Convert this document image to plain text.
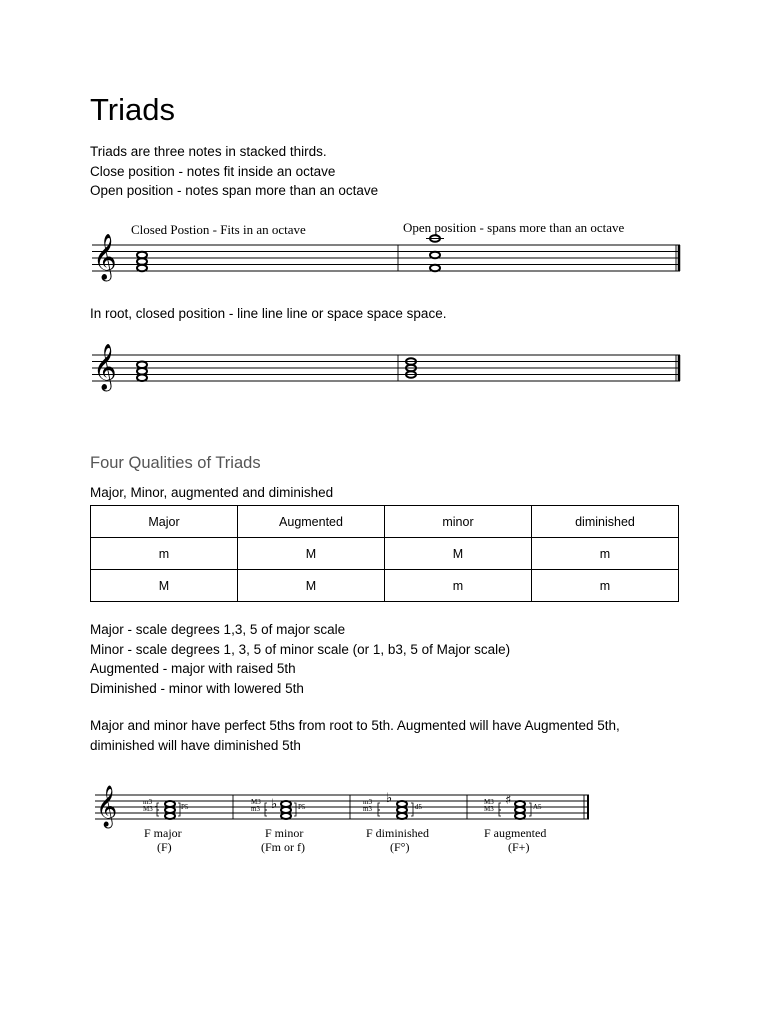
Triads
Triads are three notes in stacked thirds.
Close position - notes fit inside an octave
Open position - notes span more than an octave
Closed Postion - Fits in an octave	Open position - spans more than an octave
𝄞
In root, closed position - line line line or space space space.
𝄞
Four Qualities of Triads
Major, Minor, augmented and diminished
Major	Augmented	minor	diminished
m	M	M	m
M	M	m	m
Major - scale degrees 1,3, 5 of major scale
Minor - scale degrees 1, 3, 5 of minor scale (or 1, b3, 5 of Major scale)
Augmented - major with raised 5th
Diminished - minor with lowered 5th
Major and minor have perfect 5ths from root to 5th. Augmented will have Augmented 5th,
diminished will have diminished 5th
𝄞	m3
M3	P5
F major
(F)
M3
m3	P5
♭
F minor
(Fm or f)
m3
m3	d5
♭
F diminished
(F°)
M3
M3	A5
♯
F augmented
(F+)
